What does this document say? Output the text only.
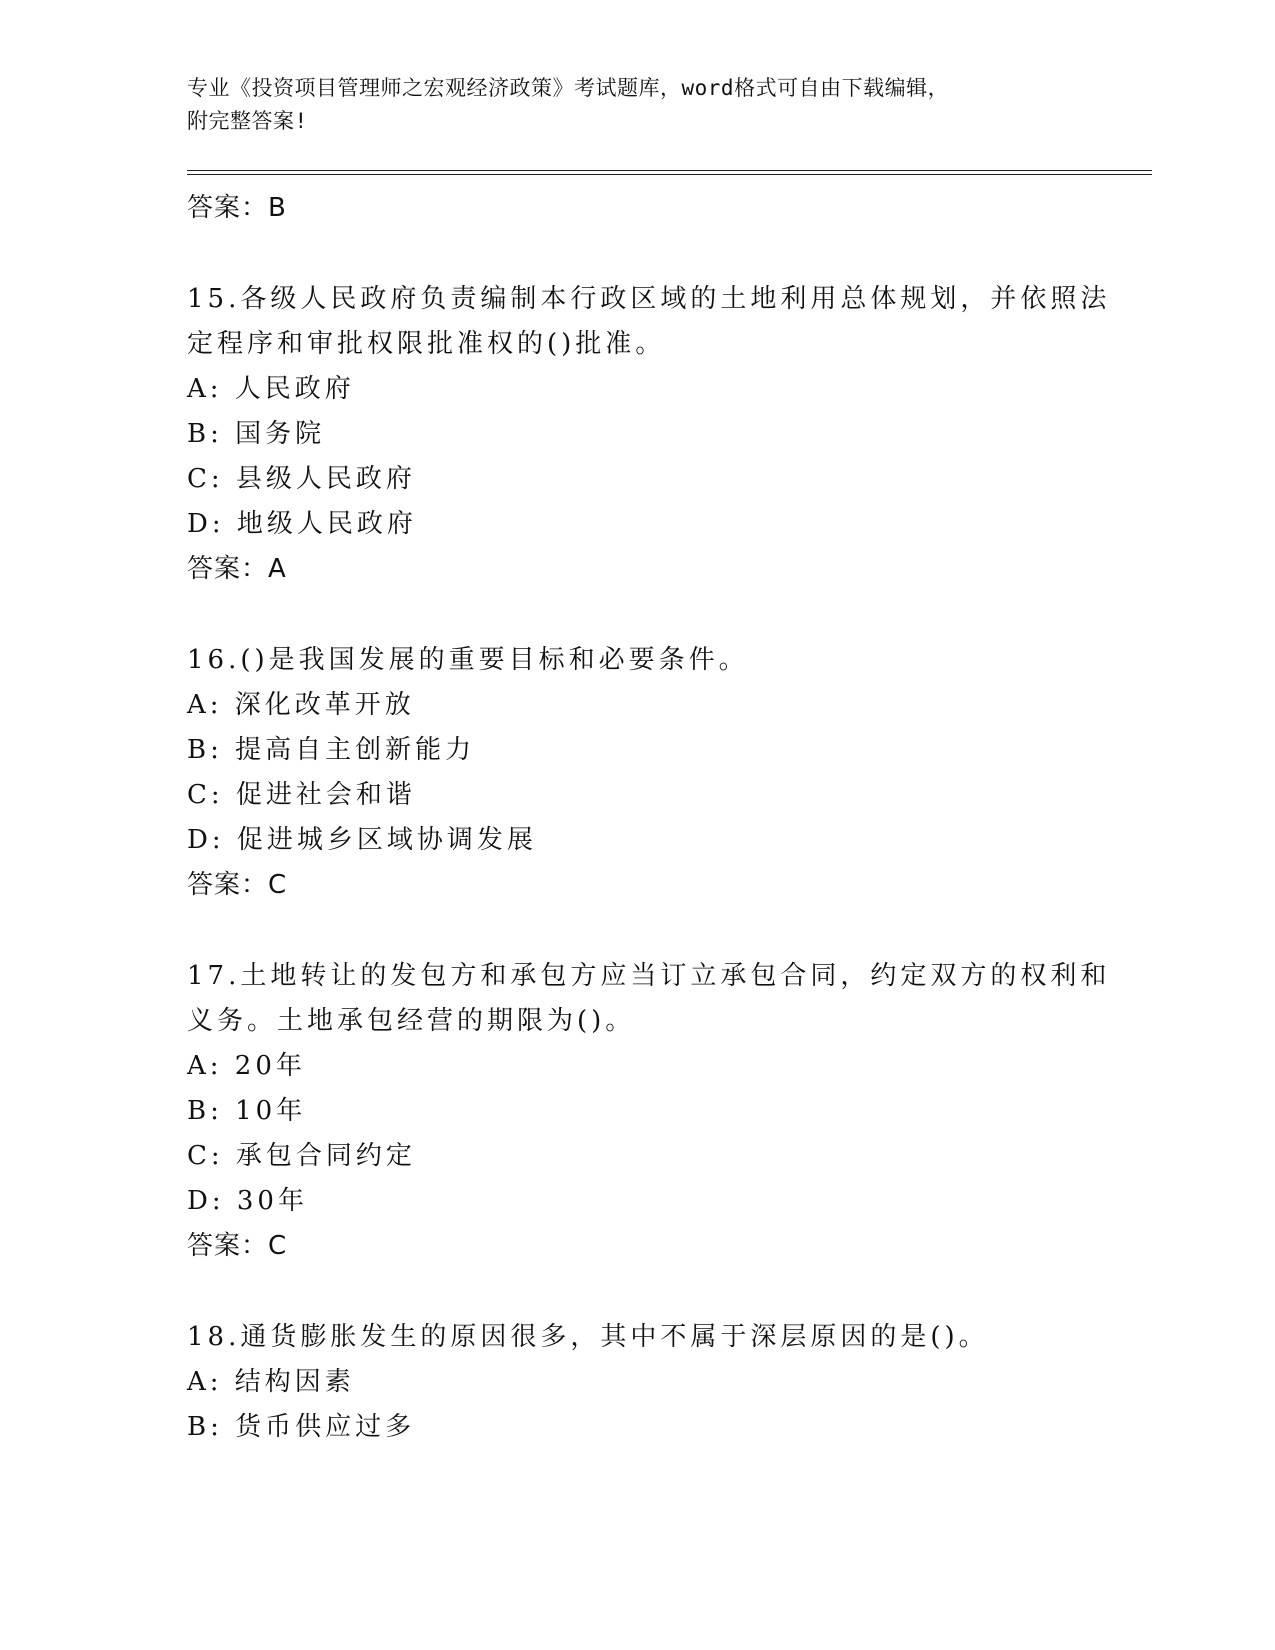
专业《投资项目管理师之宏观经济政策》考试题库，word格式可自由下载编辑，
附完整答案!
答案：B
15.各级人民政府负责编制本行政区域的土地利用总体规划，并依照法
定程序和审批权限批准权的()批准。
A: 人民政府
B: 国务院
C: 县级人民政府
D: 地级人民政府
答案：A
16.()是我国发展的重要目标和必要条件。
A: 深化改革开放
B: 提高自主创新能力
C: 促进社会和谐
D: 促进城乡区域协调发展
答案：C
17.土地转让的发包方和承包方应当订立承包合同，约定双方的权利和
义务。土地承包经营的期限为()。
A: 20年
B: 10年
C: 承包合同约定
D: 30年
答案：C
18.通货膨胀发生的原因很多，其中不属于深层原因的是()。
A: 结构因素
B: 货币供应过多
